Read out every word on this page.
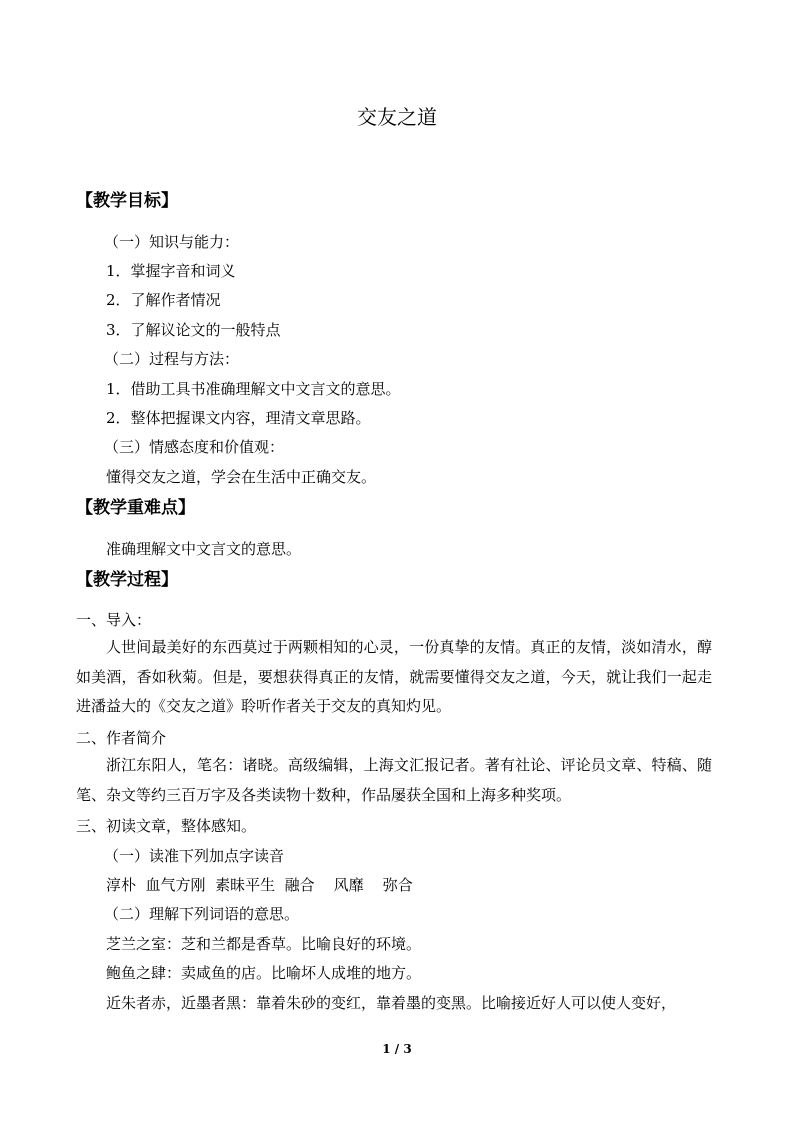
交友之道
【教学目标】
（一）知识与能力：
1．掌握字音和词义
2．了解作者情况
3．了解议论文的一般特点
（二）过程与方法：
1．借助工具书准确理解文中文言文的意思。
2．整体把握课文内容，理清文章思路。
（三）情感态度和价值观：
懂得交友之道，学会在生活中正确交友。
【教学重难点】
准确理解文中文言文的意思。
【教学过程】
一、导入：
人世间最美好的东西莫过于两颗相知的心灵，一份真挚的友情。真正的友情，淡如清水，醇如美酒，香如秋菊。但是，要想获得真正的友情，就需要懂得交友之道，今天，就让我们一起走进潘益大的《交友之道》聆听作者关于交友的真知灼见。
二、作者简介
浙江东阳人，笔名：诸晓。高级编辑，上海文汇报记者。著有社论、评论员文章、特稿、随笔、杂文等约三百万字及各类读物十数种，作品屡获全国和上海多种奖项。
三、初读文章，整体感知。
（一）读准下列加点字读音
淳朴  血气方刚  素昧平生  融合    风靡    弥合
（二）理解下列词语的意思。
芝兰之室：芝和兰都是香草。比喻良好的环境。
鲍鱼之肆：卖咸鱼的店。比喻坏人成堆的地方。
近朱者赤，近墨者黑：靠着朱砂的变红，靠着墨的变黑。比喻接近好人可以使人变好，
1 / 3
